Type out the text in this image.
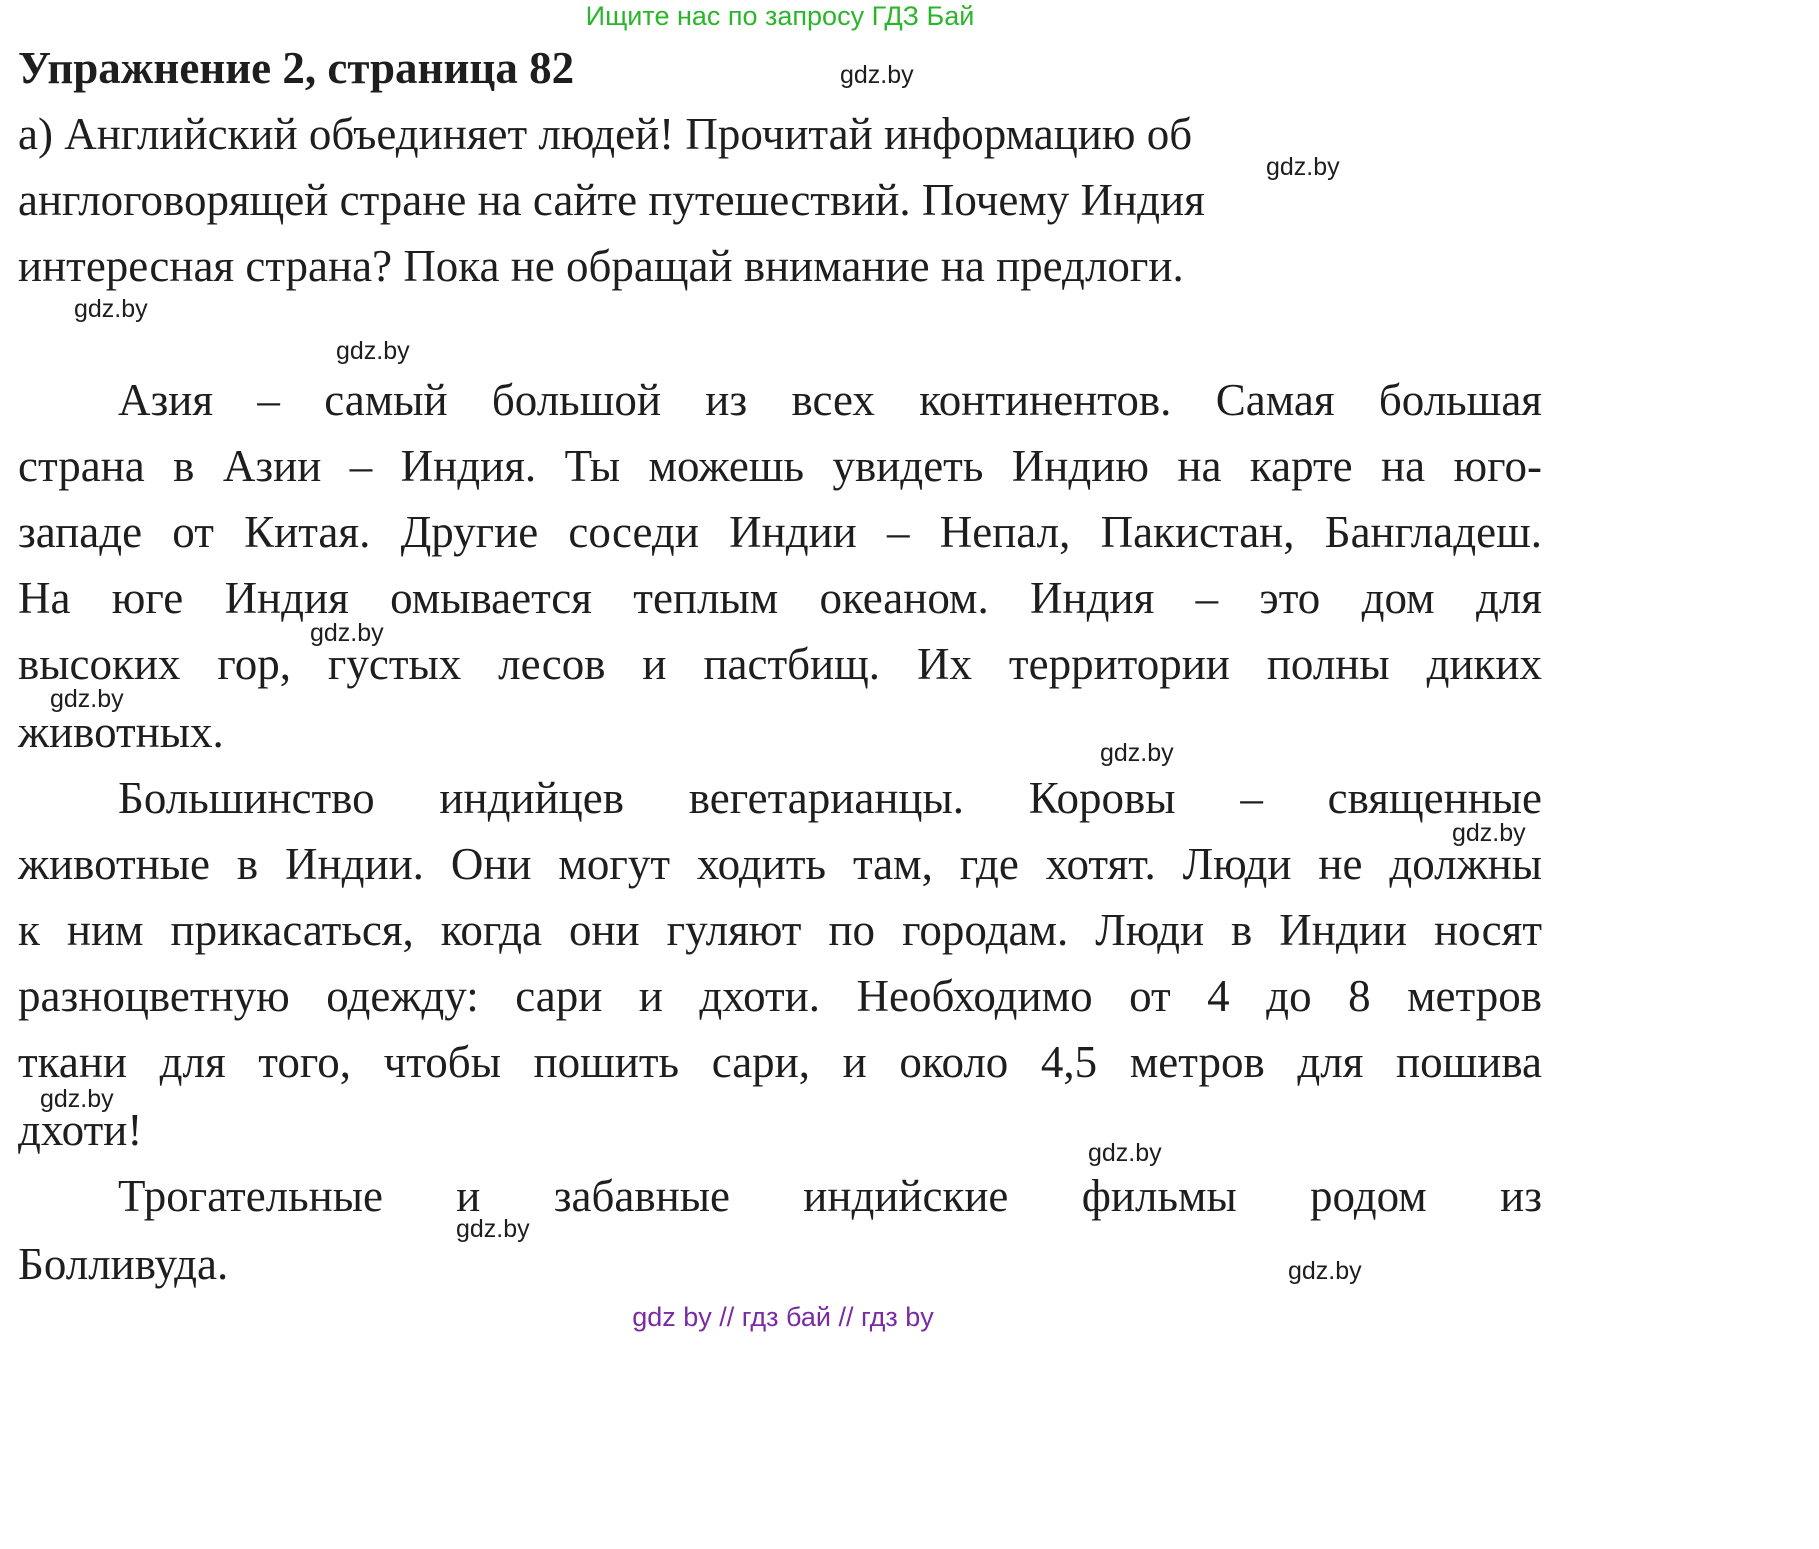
Ищите нас по запросу ГДЗ Бай
Упражнение 2, страница 82
а) Английский объединяет людей! Прочитай информацию об
англоговорящей стране на сайте путешествий. Почему Индия
интересная страна? Пока не обращай внимание на предлоги.
Азия – самый большой из всех континентов. Самая большая
страна в Азии – Индия. Ты можешь увидеть Индию на карте на юго-
западе от Китая. Другие соседи Индии – Непал, Пакистан, Бангладеш.
На юге Индия омывается теплым океаном. Индия – это дом для
высоких гор, густых лесов и пастбищ. Их территории полны диких
животных.
Большинство индийцев вегетарианцы. Коровы – священные
животные в Индии. Они могут ходить там, где хотят. Люди не должны
к ним прикасаться, когда они гуляют по городам. Люди в Индии носят
разноцветную одежду: сари и дхоти. Необходимо от 4 до 8 метров
ткани для того, чтобы пошить сари, и около 4,5 метров для пошива
дхоти!
Трогательные и забавные индийские фильмы родом из
Болливуда.
gdz.by
gdz.by
gdz.by
gdz.by
gdz.by
gdz.by
gdz.by
gdz.by
gdz.by
gdz.by
gdz.by
gdz.by
gdz by // гдз бай // гдз by
